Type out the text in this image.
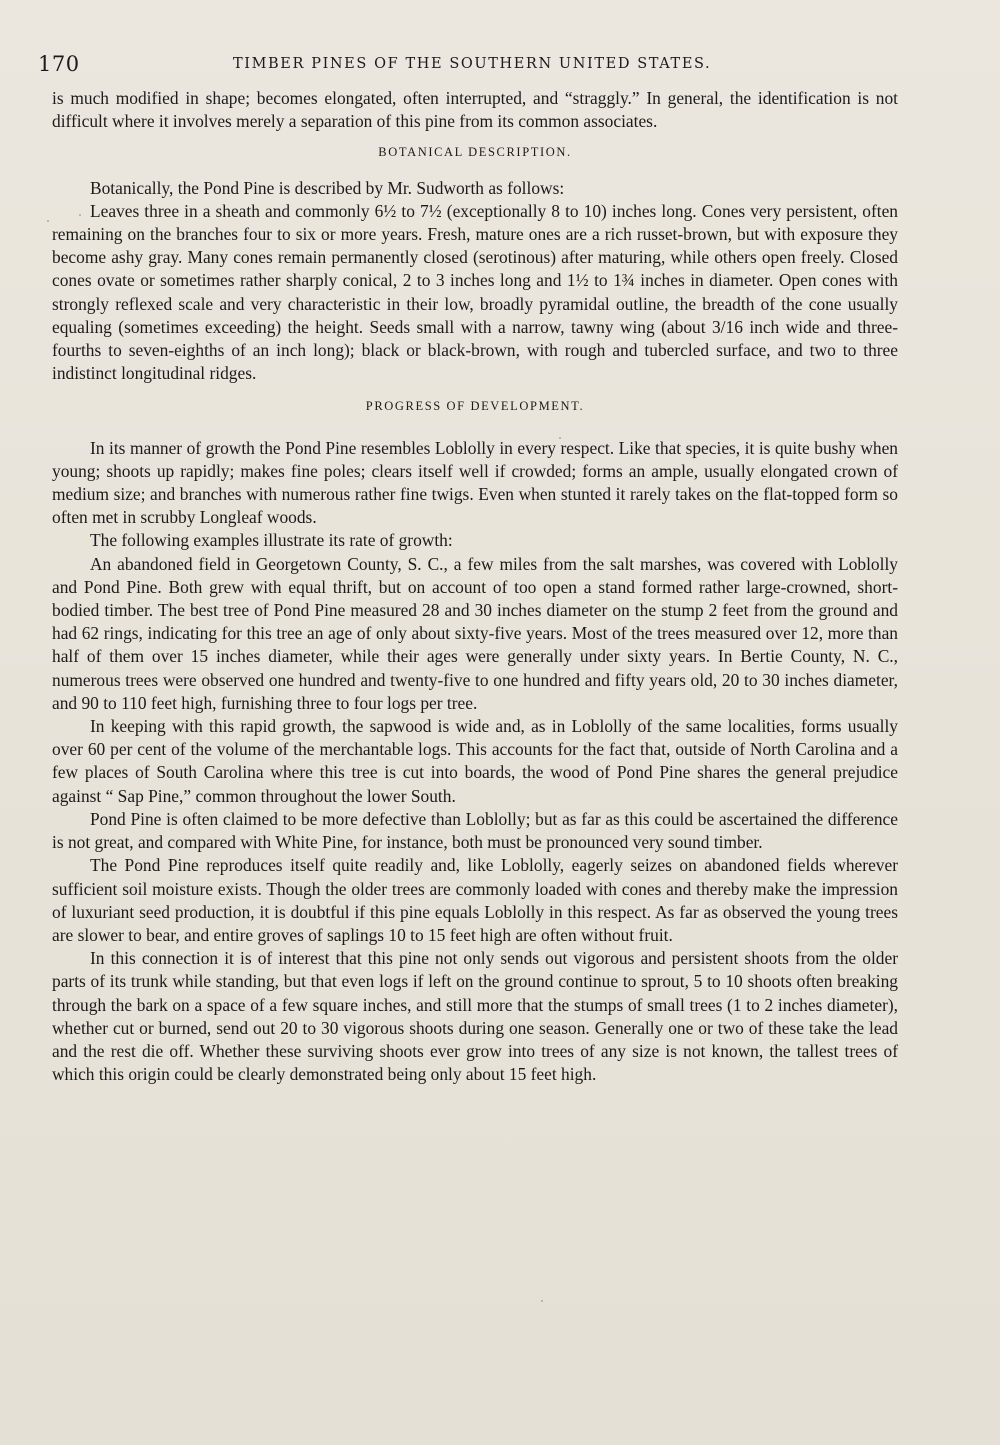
170	TIMBER PINES OF THE SOUTHERN UNITED STATES.

is much modified in shape; becomes elongated, often interrupted, and “straggly.” In general, the identification is not difficult where it involves merely a separation of this pine from its common associates.

BOTANICAL DESCRIPTION.

Botanically, the Pond Pine is described by Mr. Sudworth as follows:

Leaves three in a sheath and commonly 6½ to 7½ (exceptionally 8 to 10) inches long. Cones very persistent, often remaining on the branches four to six or more years. Fresh, mature ones are a rich russet-brown, but with exposure they become ashy gray. Many cones remain permanently closed (serotinous) after maturing, while others open freely. Closed cones ovate or sometimes rather sharply conical, 2 to 3 inches long and 1½ to 1¾ inches in diameter. Open cones with strongly reflexed scale and very characteristic in their low, broadly pyramidal outline, the breadth of the cone usually equaling (sometimes exceeding) the height. Seeds small with a narrow, tawny wing (about 3/16 inch wide and three-fourths to seven-eighths of an inch long); black or black-brown, with rough and tubercled surface, and two to three indistinct longitudinal ridges.

PROGRESS OF DEVELOPMENT.

In its manner of growth the Pond Pine resembles Loblolly in every respect. Like that species, it is quite bushy when young; shoots up rapidly; makes fine poles; clears itself well if crowded; forms an ample, usually elongated crown of medium size; and branches with numerous rather fine twigs. Even when stunted it rarely takes on the flat-topped form so often met in scrubby Longleaf woods.

The following examples illustrate its rate of growth:

An abandoned field in Georgetown County, S. C., a few miles from the salt marshes, was covered with Loblolly and Pond Pine. Both grew with equal thrift, but on account of too open a stand formed rather large-crowned, short-bodied timber. The best tree of Pond Pine measured 28 and 30 inches diameter on the stump 2 feet from the ground and had 62 rings, indicating for this tree an age of only about sixty-five years. Most of the trees measured over 12, more than half of them over 15 inches diameter, while their ages were generally under sixty years. In Bertie County, N. C., numerous trees were observed one hundred and twenty-five to one hundred and fifty years old, 20 to 30 inches diameter, and 90 to 110 feet high, furnishing three to four logs per tree.

In keeping with this rapid growth, the sapwood is wide and, as in Loblolly of the same localities, forms usually over 60 per cent of the volume of the merchantable logs. This accounts for the fact that, outside of North Carolina and a few places of South Carolina where this tree is cut into boards, the wood of Pond Pine shares the general prejudice against “ Sap Pine,” common throughout the lower South.

Pond Pine is often claimed to be more defective than Loblolly; but as far as this could be ascertained the difference is not great, and compared with White Pine, for instance, both must be pronounced very sound timber.

The Pond Pine reproduces itself quite readily and, like Loblolly, eagerly seizes on abandoned fields wherever sufficient soil moisture exists. Though the older trees are commonly loaded with cones and thereby make the impression of luxuriant seed production, it is doubtful if this pine equals Loblolly in this respect. As far as observed the young trees are slower to bear, and entire groves of saplings 10 to 15 feet high are often without fruit.

In this connection it is of interest that this pine not only sends out vigorous and persistent shoots from the older parts of its trunk while standing, but that even logs if left on the ground continue to sprout, 5 to 10 shoots often breaking through the bark on a space of a few square inches, and still more that the stumps of small trees (1 to 2 inches diameter), whether cut or burned, send out 20 to 30 vigorous shoots during one season. Generally one or two of these take the lead and the rest die off. Whether these surviving shoots ever grow into trees of any size is not known, the tallest trees of which this origin could be clearly demonstrated being only about 15 feet high.
